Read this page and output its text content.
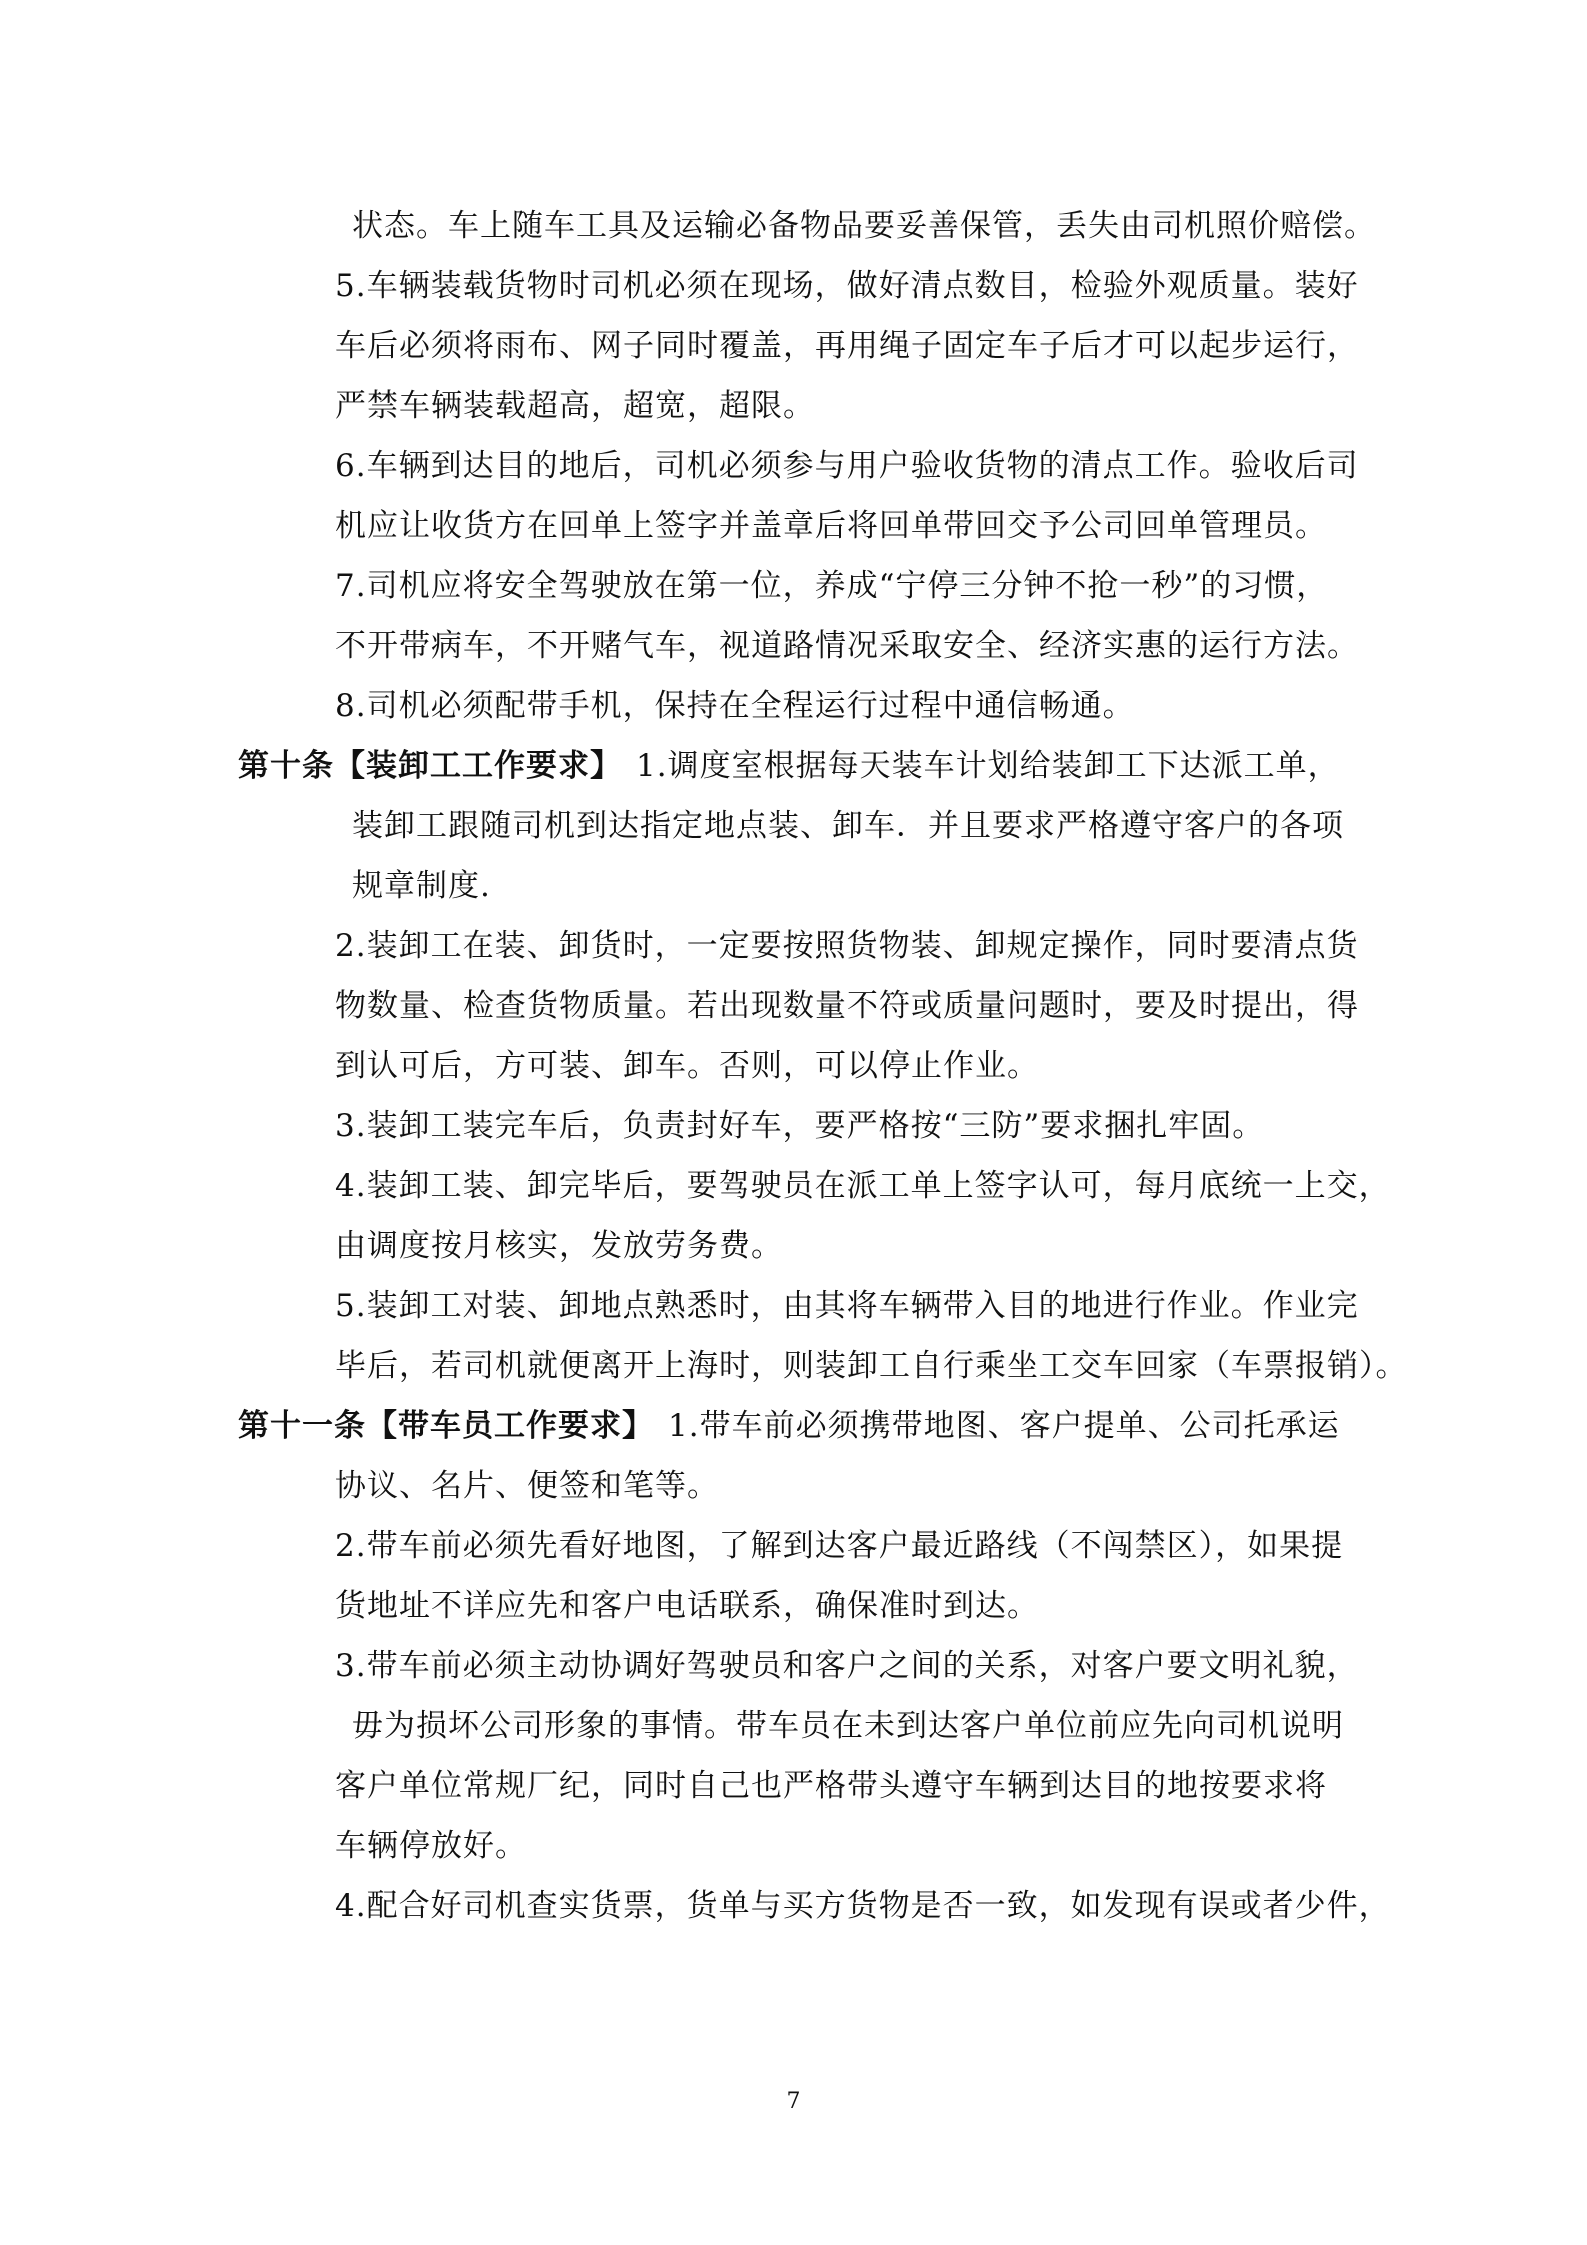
状态。车上随车工具及运输必备物品要妥善保管，丢失由司机照价赔偿。

5.车辆装载货物时司机必须在现场，做好清点数目，检验外观质量。装好

车后必须将雨布、网子同时覆盖，再用绳子固定车子后才可以起步运行，

严禁车辆装载超高，超宽，超限。

6.车辆到达目的地后，司机必须参与用户验收货物的清点工作。验收后司

机应让收货方在回单上签字并盖章后将回单带回交予公司回单管理员。

7.司机应将安全驾驶放在第一位，养成“宁停三分钟不抢一秒”的习惯，

不开带病车，不开赌气车，视道路情况采取安全、经济实惠的运行方法。

8.司机必须配带手机，保持在全程运行过程中通信畅通。

第十条【装卸工工作要求】 1.调度室根据每天装车计划给装卸工下达派工单，

装卸工跟随司机到达指定地点装、卸车．并且要求严格遵守客户的各项

规章制度.

2.装卸工在装、卸货时，一定要按照货物装、卸规定操作，同时要清点货

物数量、检查货物质量。若出现数量不符或质量问题时，要及时提出，得

到认可后，方可装、卸车。否则，可以停止作业。

3.装卸工装完车后，负责封好车，要严格按“三防”要求捆扎牢固。

4.装卸工装、卸完毕后，要驾驶员在派工单上签字认可，每月底统一上交，

由调度按月核实，发放劳务费。

5.装卸工对装、卸地点熟悉时，由其将车辆带入目的地进行作业。作业完

毕后，若司机就便离开上海时，则装卸工自行乘坐工交车回家（车票报销）。

第十一条【带车员工作要求】 1.带车前必须携带地图、客户提单、公司托承运

协议、名片、便签和笔等。

2.带车前必须先看好地图，了解到达客户最近路线（不闯禁区），如果提

货地址不详应先和客户电话联系，确保准时到达。

3.带车前必须主动协调好驾驶员和客户之间的关系，对客户要文明礼貌，

毋为损坏公司形象的事情。带车员在未到达客户单位前应先向司机说明

客户单位常规厂纪，同时自己也严格带头遵守车辆到达目的地按要求将

车辆停放好。

4.配合好司机查实货票，货单与买方货物是否一致，如发现有误或者少件，

7
